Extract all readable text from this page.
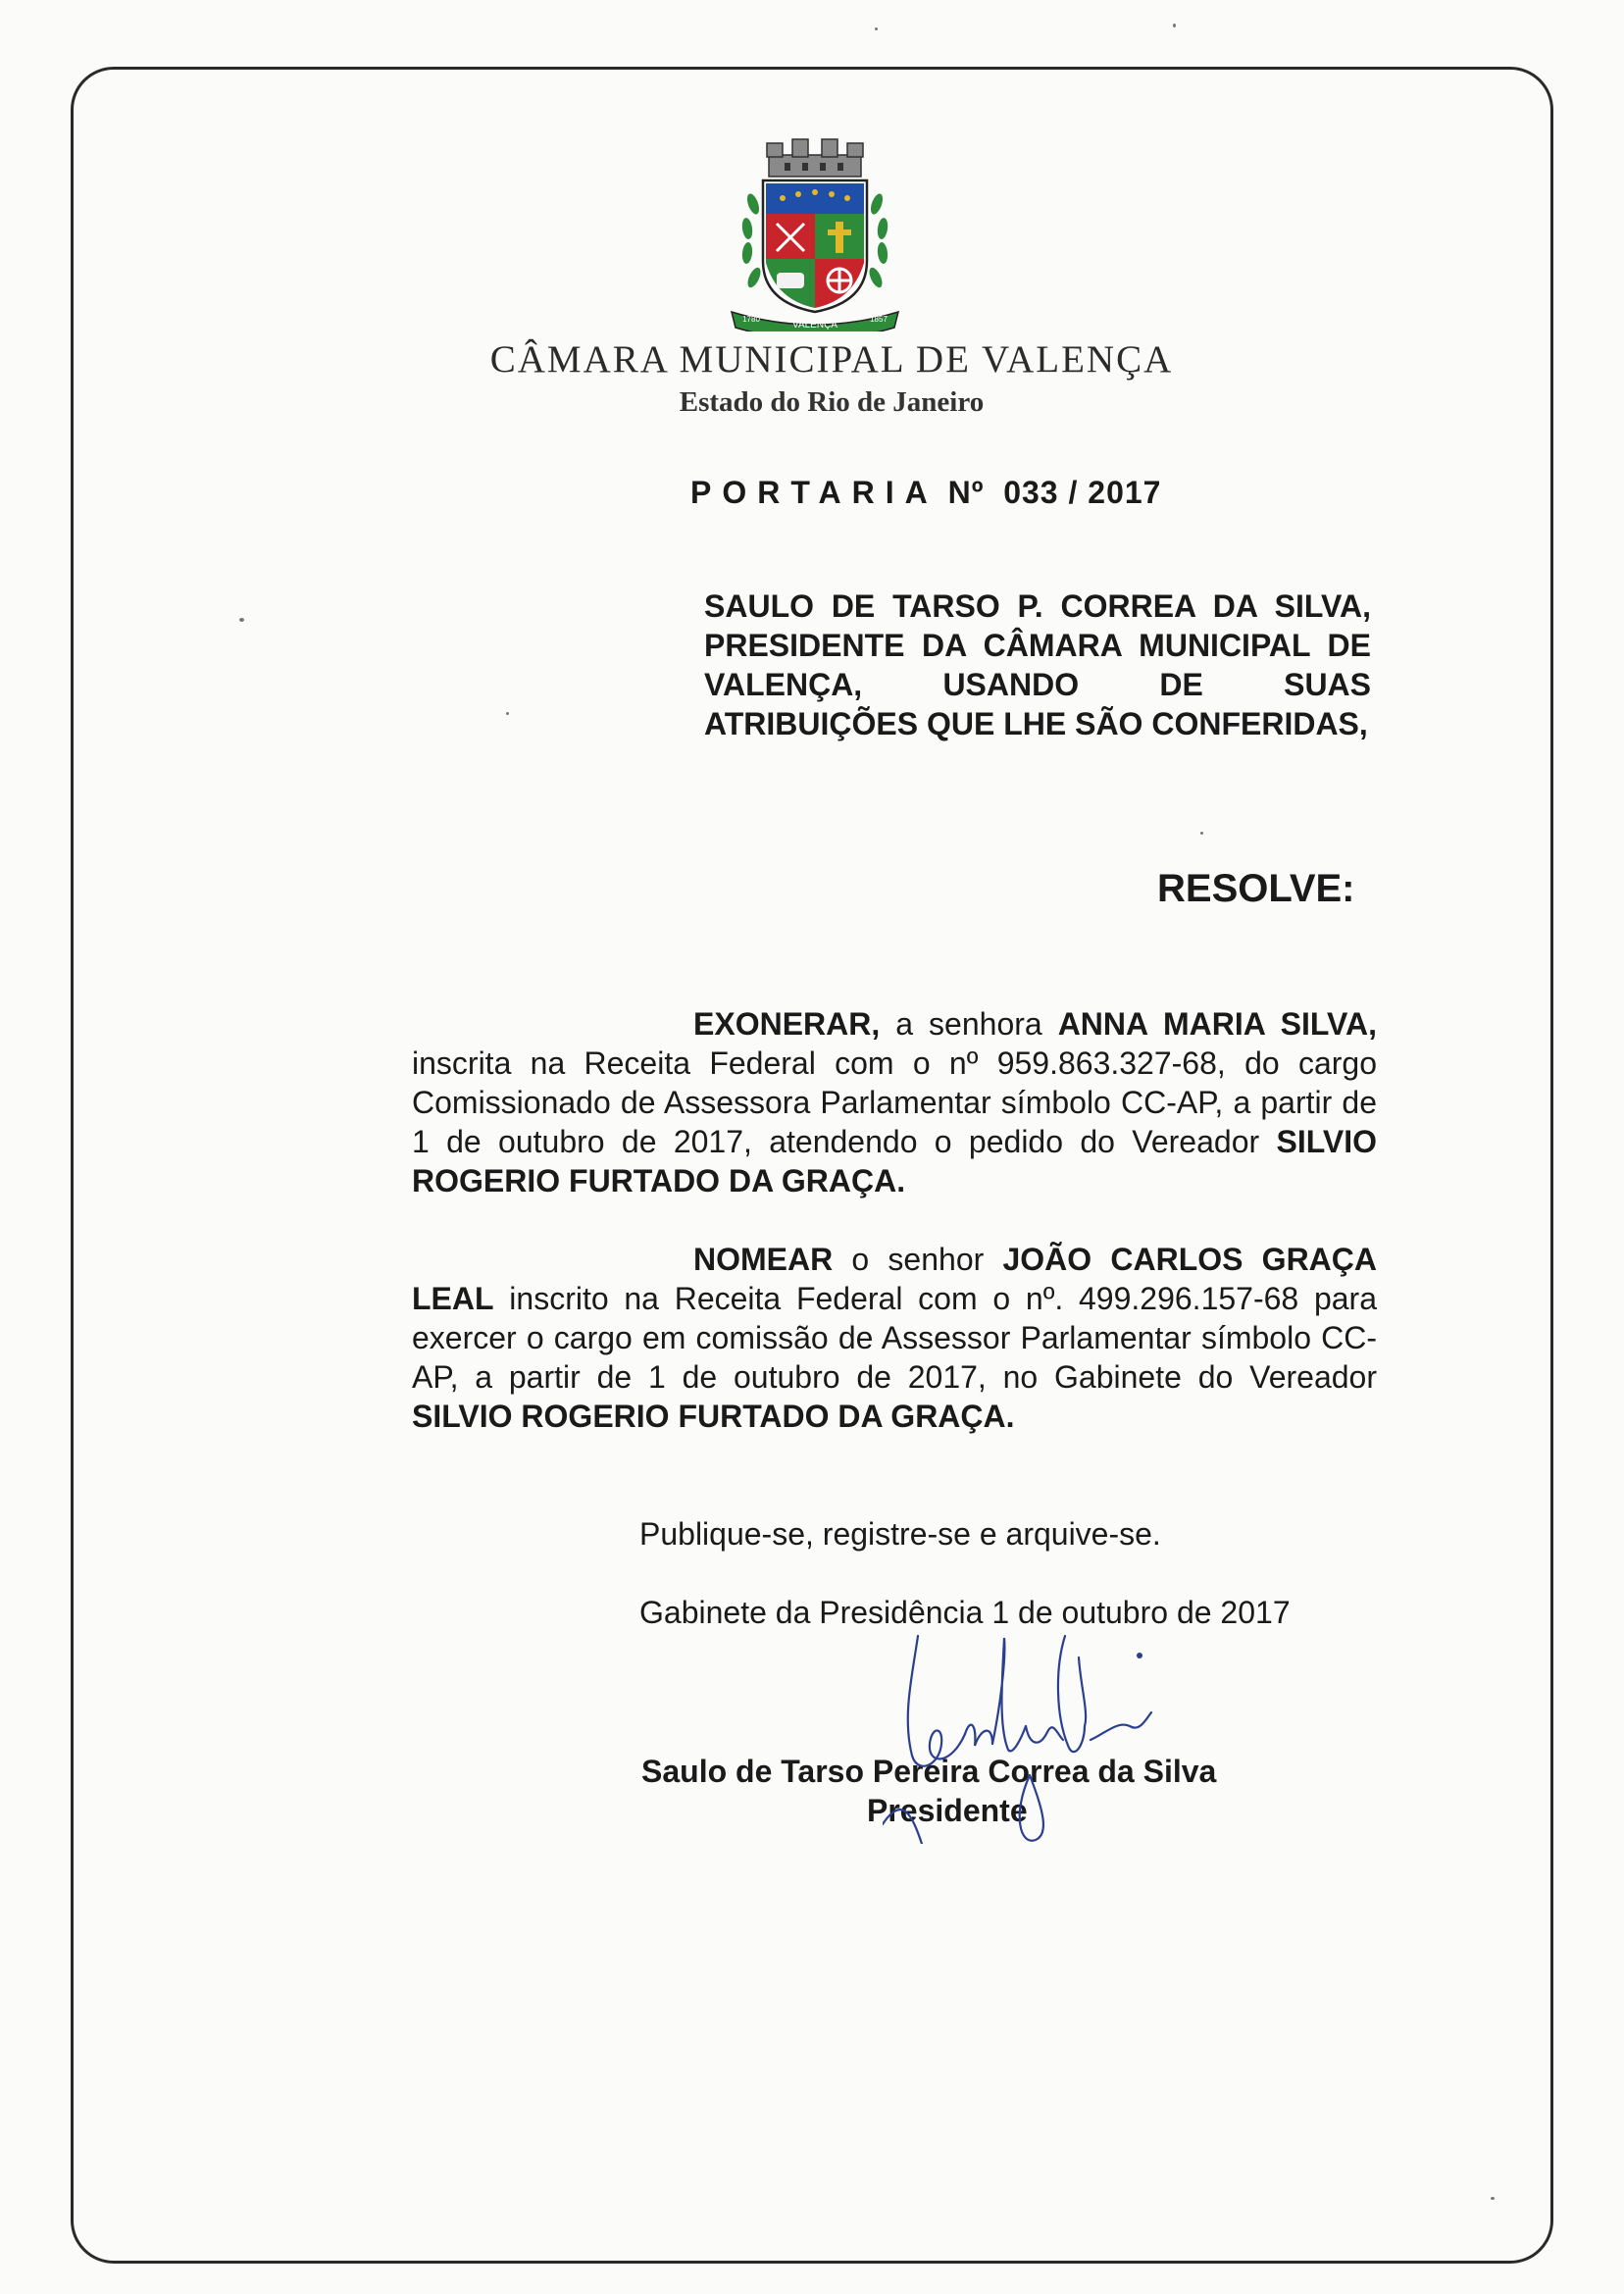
VALENÇA
1780	1857
CÂMARA MUNICIPAL DE VALENÇA
Estado do Rio de Janeiro
PORTARIA Nº 033 / 2017
SAULO DE TARSO P. CORREA DA SILVA, PRESIDENTE DA CÂMARA MUNICIPAL DE VALENÇA, USANDO DE SUAS ATRIBUIÇÕES QUE LHE SÃO CONFERIDAS,
RESOLVE:
EXONERAR, a senhora ANNA MARIA SILVA, inscrita na Receita Federal com o nº 959.863.327-68, do cargo Comissionado de Assessora Parlamentar símbolo CC-AP, a partir de 1 de outubro de 2017, atendendo o pedido do Vereador SILVIO ROGERIO FURTADO DA GRAÇA.
NOMEAR o senhor JOÃO CARLOS GRAÇA LEAL inscrito na Receita Federal com o nº. 499.296.157-68 para exercer o cargo em comissão de Assessor Parlamentar símbolo CC-AP, a partir de 1 de outubro de 2017, no Gabinete do Vereador SILVIO ROGERIO FURTADO DA GRAÇA.
Publique-se, registre-se e arquive-se.
Gabinete da Presidência 1 de outubro de 2017
Saulo de Tarso Pereira Correa da Silva
Presidente
